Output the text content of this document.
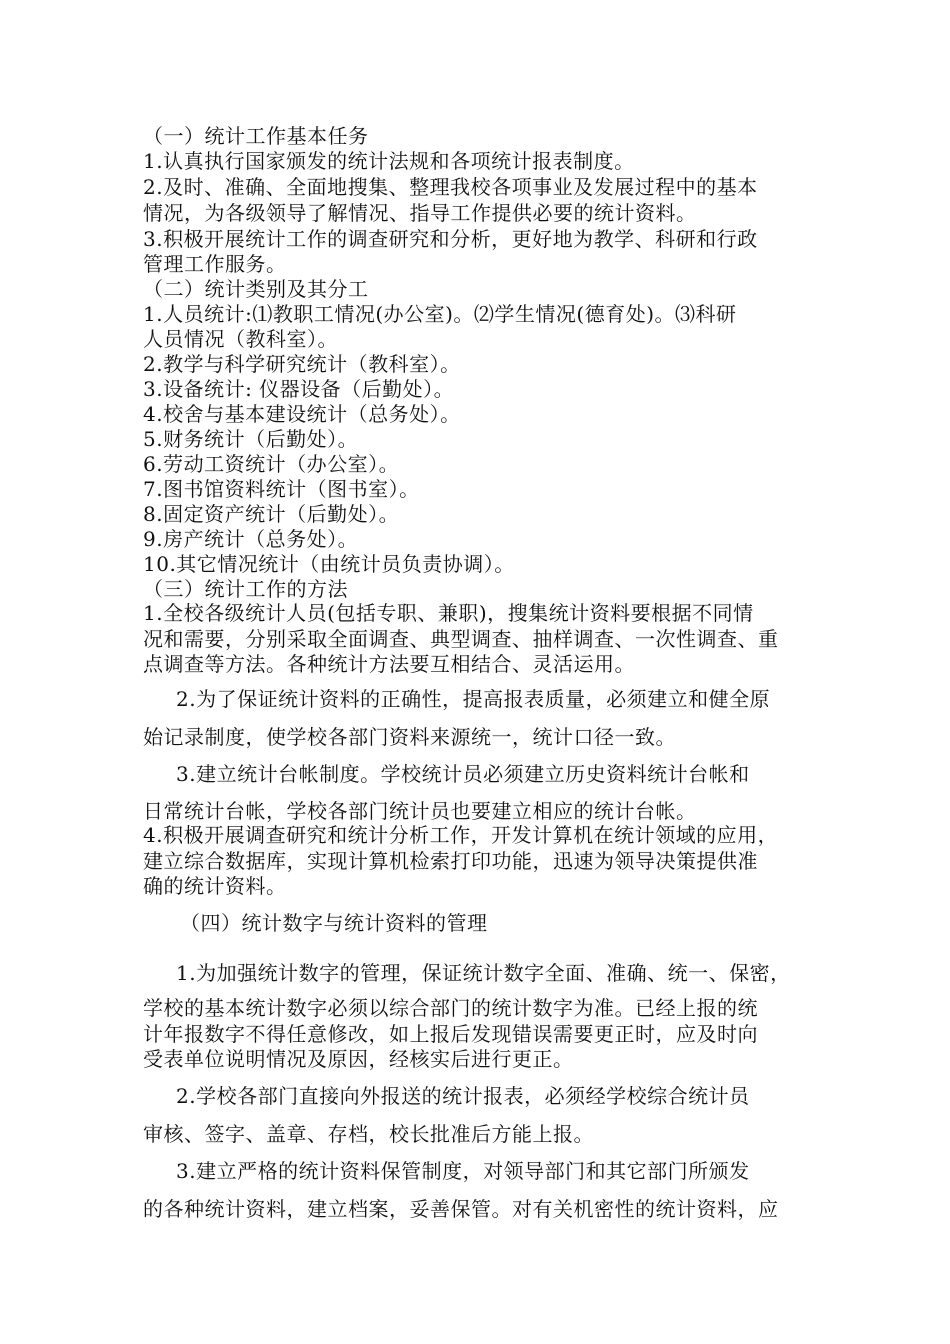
（一）统计工作基本任务
1.认真执行国家颁发的统计法规和各项统计报表制度。
2.及时、准确、全面地搜集、整理我校各项事业及发展过程中的基本
情况，为各级领导了解情况、指导工作提供必要的统计资料。
3.积极开展统计工作的调查研究和分析，更好地为教学、科研和行政
管理工作服务。
（二）统计类别及其分工
1.人员统计:⑴教职工情况(办公室)。⑵学生情况(德育处)。⑶科研
人员情况（教科室）。
2.教学与科学研究统计（教科室）。
3.设备统计: 仪器设备（后勤处）。
4.校舍与基本建设统计（总务处）。
5.财务统计（后勤处）。
6.劳动工资统计（办公室）。
7.图书馆资料统计（图书室）。
8.固定资产统计（后勤处）。
9.房产统计（总务处）。
10.其它情况统计（由统计员负责协调）。
（三）统计工作的方法
1.全校各级统计人员(包括专职、兼职)，搜集统计资料要根据不同情
况和需要，分别采取全面调查、典型调查、抽样调查、一次性调查、重
点调查等方法。各种统计方法要互相结合、灵活运用。
2.为了保证统计资料的正确性，提高报表质量，必须建立和健全原
始记录制度，使学校各部门资料来源统一，统计口径一致。
3.建立统计台帐制度。学校统计员必须建立历史资料统计台帐和
日常统计台帐，学校各部门统计员也要建立相应的统计台帐。
4.积极开展调查研究和统计分析工作，开发计算机在统计领域的应用，
建立综合数据库，实现计算机检索打印功能，迅速为领导决策提供准
确的统计资料。
（四）统计数字与统计资料的管理
1.为加强统计数字的管理，保证统计数字全面、准确、统一、保密，
学校的基本统计数字必须以综合部门的统计数字为准。已经上报的统
计年报数字不得任意修改，如上报后发现错误需要更正时，应及时向
受表单位说明情况及原因，经核实后进行更正。
2.学校各部门直接向外报送的统计报表，必须经学校综合统计员
审核、签字、盖章、存档，校长批准后方能上报。
3.建立严格的统计资料保管制度，对领导部门和其它部门所颁发
的各种统计资料，建立档案，妥善保管。对有关机密性的统计资料，应
